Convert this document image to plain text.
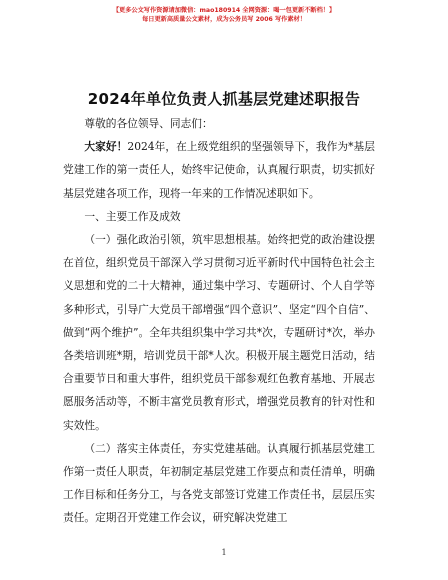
【更多公文写作资源请加微信：mao180914 全网资源：喝一包更新不断档！】
每日更新高质量公文素材，成为公务员写 2006 写作素材！
2024年单位负责人抓基层党建述职报告

尊敬的各位领导、同志们：

大家好！2024年，在上级党组织的坚强领导下，我作为*基层党建工作的第一责任人，始终牢记使命，认真履行职责，切实抓好基层党建各项工作，现将一年来的工作情况述职如下。

一、主要工作及成效

（一）强化政治引领，筑牢思想根基。始终把党的政治建设摆在首位，组织党员干部深入学习贯彻习近平新时代中国特色社会主义思想和党的二十大精神，通过集中学习、专题研讨、个人自学等多种形式，引导广大党员干部增强“四个意识”、坚定“四个自信”、做到“两个维护”。全年共组织集中学习共*次，专题研讨*次，举办各类培训班*期，培训党员干部*人次。积极开展主题党日活动，结合重要节日和重大事件，组织党员干部参观红色教育基地、开展志愿服务活动等，不断丰富党员教育形式，增强党员教育的针对性和实效性。

（二）落实主体责任，夯实党建基础。认真履行抓基层党建工作第一责任人职责，年初制定基层党建工作要点和责任清单，明确工作目标和任务分工，与各党支部签订党建工作责任书，层层压实责任。定期召开党建工作会议，研究解决党建工

1
